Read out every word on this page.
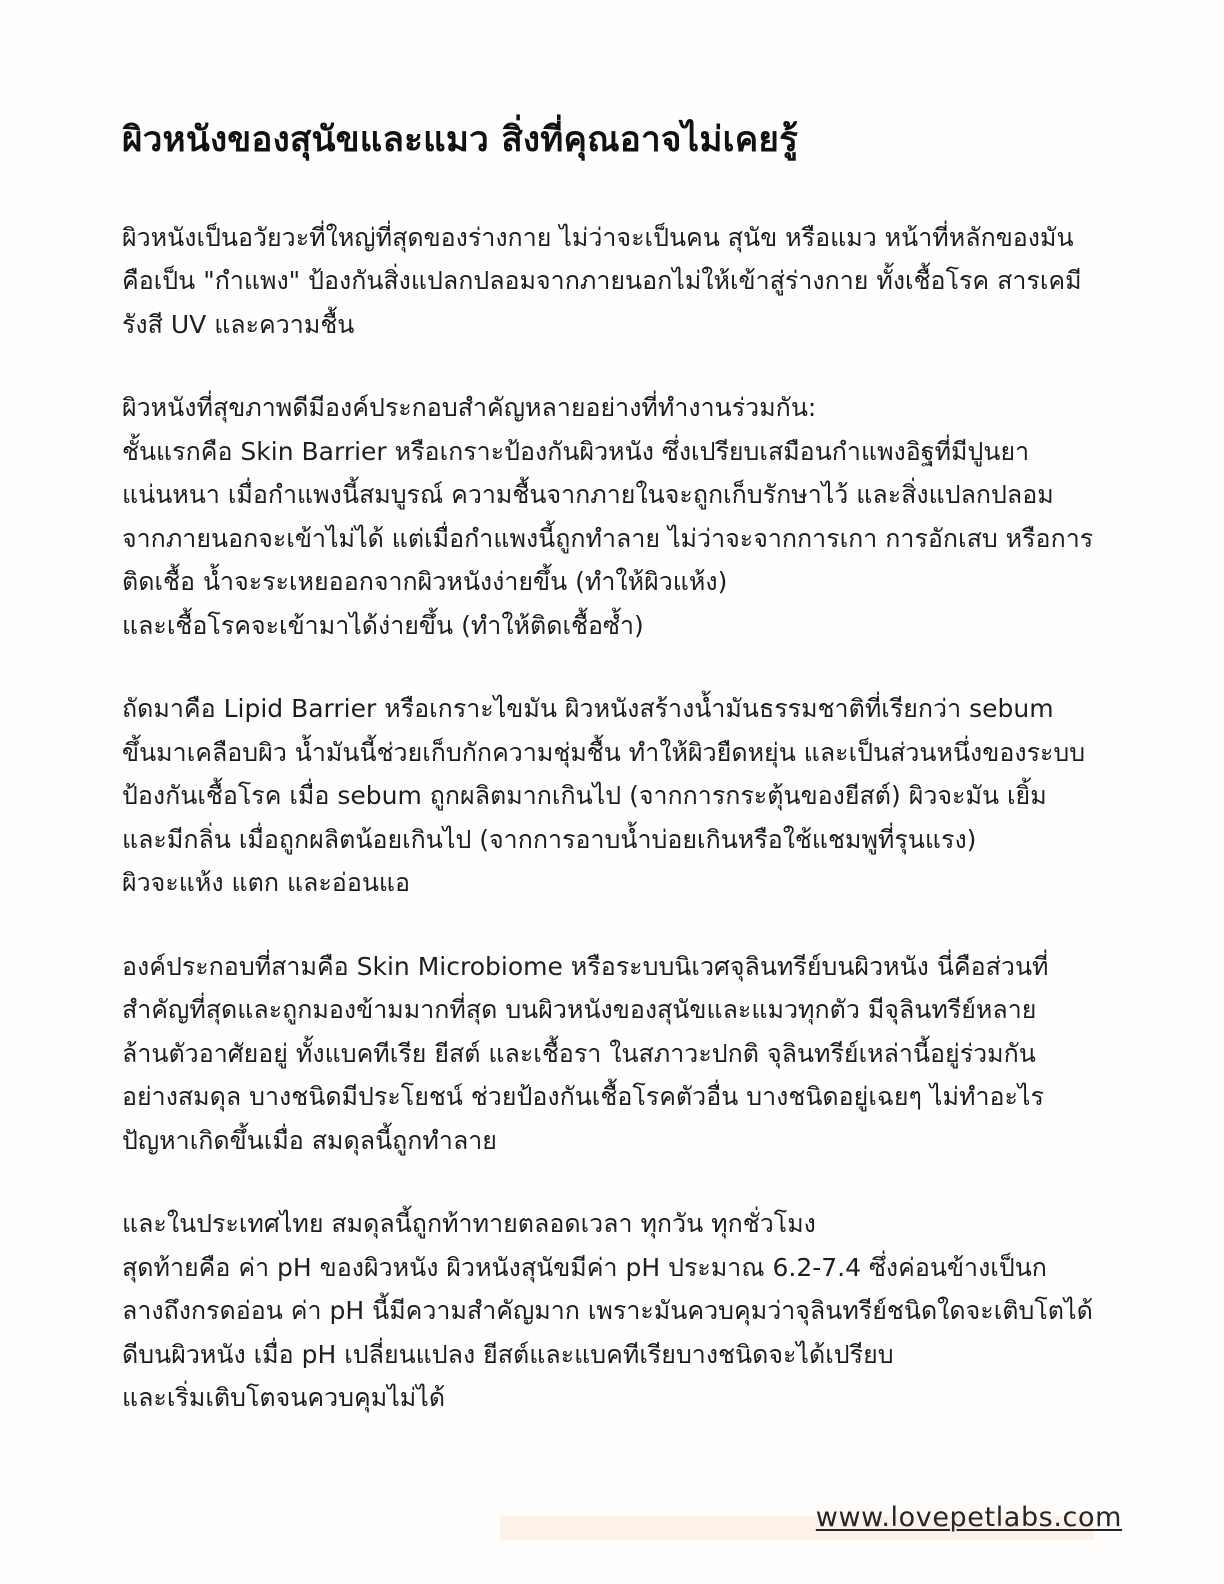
ผิวหนังของสุนัขและแมว สิ่งที่คุณอาจไม่เคยรู้
ผิวหนังเป็นอวัยวะที่ใหญ่ที่สุดของร่างกาย ไม่ว่าจะเป็นคน สุนัข หรือแมว หน้าที่หลักของมัน
คือเป็น "กำแพง" ป้องกันสิ่งแปลกปลอมจากภายนอกไม่ให้เข้าสู่ร่างกาย ทั้งเชื้อโรค สารเคมี
รังสี UV และความชื้น
ผิวหนังที่สุขภาพดีมีองค์ประกอบสำคัญหลายอย่างที่ทำงานร่วมกัน:
ชั้นแรกคือ Skin Barrier หรือเกราะป้องกันผิวหนัง ซึ่งเปรียบเสมือนกำแพงอิฐที่มีปูนยา
แน่นหนา เมื่อกำแพงนี้สมบูรณ์ ความชื้นจากภายในจะถูกเก็บรักษาไว้ และสิ่งแปลกปลอม
จากภายนอกจะเข้าไม่ได้ แต่เมื่อกำแพงนี้ถูกทำลาย ไม่ว่าจะจากการเกา การอักเสบ หรือการ
ติดเชื้อ น้ำจะระเหยออกจากผิวหนังง่ายขึ้น (ทำให้ผิวแห้ง)
และเชื้อโรคจะเข้ามาได้ง่ายขึ้น (ทำให้ติดเชื้อซ้ำ)
ถัดมาคือ Lipid Barrier หรือเกราะไขมัน ผิวหนังสร้างน้ำมันธรรมชาติที่เรียกว่า sebum
ขึ้นมาเคลือบผิว น้ำมันนี้ช่วยเก็บกักความชุ่มชื้น ทำให้ผิวยืดหยุ่น และเป็นส่วนหนึ่งของระบบ
ป้องกันเชื้อโรค เมื่อ sebum ถูกผลิตมากเกินไป (จากการกระตุ้นของยีสต์) ผิวจะมัน เยิ้ม
และมีกลิ่น เมื่อถูกผลิตน้อยเกินไป (จากการอาบน้ำบ่อยเกินหรือใช้แชมพูที่รุนแรง)
ผิวจะแห้ง แตก และอ่อนแอ
องค์ประกอบที่สามคือ Skin Microbiome หรือระบบนิเวศจุลินทรีย์บนผิวหนัง นี่คือส่วนที่
สำคัญที่สุดและถูกมองข้ามมากที่สุด บนผิวหนังของสุนัขและแมวทุกตัว มีจุลินทรีย์หลาย
ล้านตัวอาศัยอยู่ ทั้งแบคทีเรีย ยีสต์ และเชื้อรา ในสภาวะปกติ จุลินทรีย์เหล่านี้อยู่ร่วมกัน
อย่างสมดุล บางชนิดมีประโยชน์ ช่วยป้องกันเชื้อโรคตัวอื่น บางชนิดอยู่เฉยๆ ไม่ทำอะไร
ปัญหาเกิดขึ้นเมื่อ สมดุลนี้ถูกทำลาย
และในประเทศไทย สมดุลนี้ถูกท้าทายตลอดเวลา ทุกวัน ทุกชั่วโมง
สุดท้ายคือ ค่า pH ของผิวหนัง ผิวหนังสุนัขมีค่า pH ประมาณ 6.2-7.4 ซึ่งค่อนข้างเป็นก
ลางถึงกรดอ่อน ค่า pH นี้มีความสำคัญมาก เพราะมันควบคุมว่าจุลินทรีย์ชนิดใดจะเติบโตได้
ดีบนผิวหนัง เมื่อ pH เปลี่ยนแปลง ยีสต์และแบคทีเรียบางชนิดจะได้เปรียบ
และเริ่มเติบโตจนควบคุมไม่ได้
www.lovepetlabs.com
